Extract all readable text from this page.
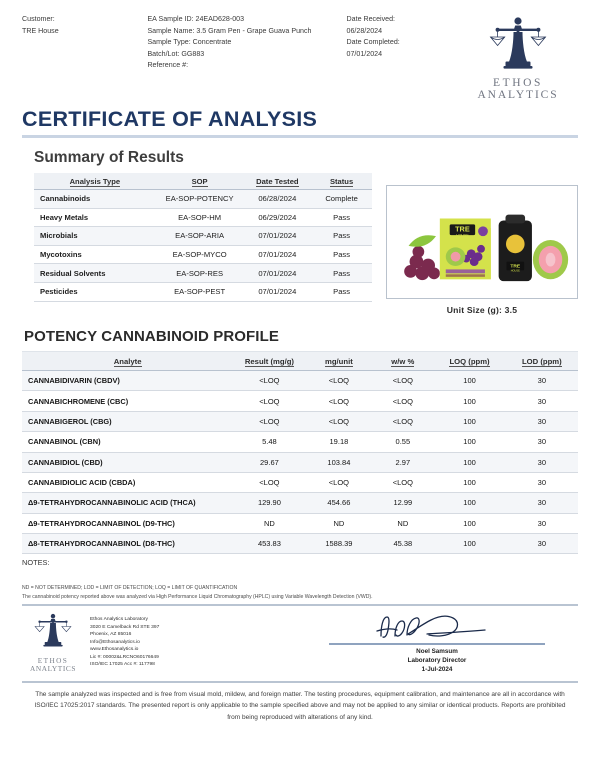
Customer:
TRE House
EA Sample ID: 24EAD628-003
Sample Name: 3.5 Gram Pen - Grape Guava Punch
Sample Type: Concentrate
Batch/Lot: GG883
Reference #:
Date Received:
06/28/2024
Date Completed:
07/01/2024
ETHOS
ANALYTICS
CERTIFICATE OF ANALYSIS
Summary of Results
Analysis Type	SOP	Date Tested	Status
Cannabinoids	EA-SOP-POTENCY	06/28/2024	Complete
Heavy Metals	EA-SOP-HM	06/29/2024	Pass
Microbials	EA-SOP-ARIA	07/01/2024	Pass
Mycotoxins	EA-SOP-MYCO	07/01/2024	Pass
Residual Solvents	EA-SOP-RES	07/01/2024	Pass
Pesticides	EA-SOP-PEST	07/01/2024	Pass
TRE
HOUSE
TRE
HOUSE
Unit Size (g): 3.5
POTENCY CANNABINOID PROFILE
Analyte	Result (mg/g)	mg/unit	w/w %	LOQ (ppm)	LOD (ppm)
CANNABIDIVARIN (CBDV)	<LOQ	<LOQ	<LOQ	100	30
CANNABICHROMENE (CBC)	<LOQ	<LOQ	<LOQ	100	30
CANNABIGEROL (CBG)	<LOQ	<LOQ	<LOQ	100	30
CANNABINOL (CBN)	5.48	19.18	0.55	100	30
CANNABIDIOL (CBD)	29.67	103.84	2.97	100	30
CANNABIDIOLIC ACID (CBDA)	<LOQ	<LOQ	<LOQ	100	30
Δ9-TETRAHYDROCANNABINOLIC ACID (THCA)	129.90	454.66	12.99	100	30
Δ9-TETRAHYDROCANNABINOL (D9-THC)	ND	ND	ND	100	30
Δ8-TETRAHYDROCANNABINOL (D8-THC)	453.83	1588.39	45.38	100	30
NOTES:
ND = NOT DETERMINED; LOD = LIMIT OF DETECTION; LOQ = LIMIT OF QUANTIFICATION
The cannabinoid potency reported above was analyzed via High Performance Liquid Chromatography (HPLC) using Variable Wavelength Detection (VWD).
ETHOS
ANALYTICS
Ethos Analytics Laboratory
3020 E Camelback Rd STE 397
Phoenix, AZ 85016
Info@Ethosanalytics.io
www.Ethosanalytics.io
Lic #: 00002&LRCNO60176649
ISO/IEC 17025 Acc #: 117798
Noel Samsum
Laboratory Director
1-Jul-2024
The sample analyzed was inspected and is free from visual mold, mildew, and foreign matter. The testing procedures, equipment calibration, and maintenance are all in accordance with ISO/IEC 17025:2017 standards. The presented report is only applicable to the sample specified above and may not be applied to any similar or identical products. Reports are prohibited from being reproduced with alterations of any kind.
